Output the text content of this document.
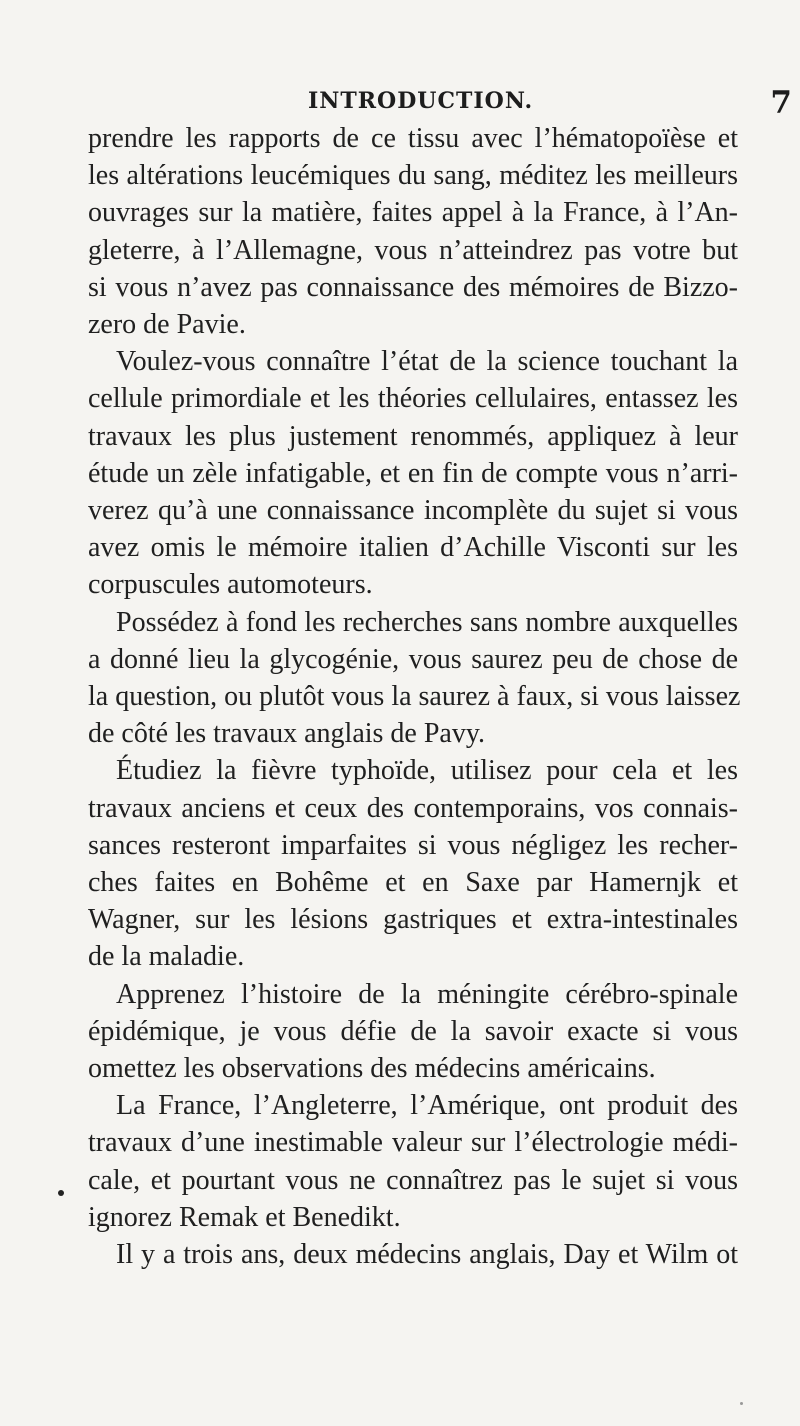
INTRODUCTION.	7
prendre les rapports de ce tissu avec l’hématopoïèse et
les altérations leucémiques du sang, méditez les meilleurs
ouvrages sur la matière, faites appel à la France, à l’An-
gleterre, à l’Allemagne, vous n’atteindrez pas votre but
si vous n’avez pas connaissance des mémoires de Bizzo-
zero de Pavie.
Voulez-vous connaître l’état de la science touchant la
cellule primordiale et les théories cellulaires, entassez les
travaux les plus justement renommés, appliquez à leur
étude un zèle infatigable, et en fin de compte vous n’arri-
verez qu’à une connaissance incomplète du sujet si vous
avez omis le mémoire italien d’Achille Visconti sur les
corpuscules automoteurs.
Possédez à fond les recherches sans nombre auxquelles
a donné lieu la glycogénie, vous saurez peu de chose de
la question, ou plutôt vous la saurez à faux, si vous laissez
de côté les travaux anglais de Pavy.
Étudiez la fièvre typhoïde, utilisez pour cela et les
travaux anciens et ceux des contemporains, vos connais-
sances resteront imparfaites si vous négligez les recher-
ches faites en Bohême et en Saxe par Hamernjk et
Wagner, sur les lésions gastriques et extra-intestinales
de la maladie.
Apprenez l’histoire de la méningite cérébro-spinale
épidémique, je vous défie de la savoir exacte si vous
omettez les observations des médecins américains.
La France, l’Angleterre, l’Amérique, ont produit des
travaux d’une inestimable valeur sur l’électrologie médi-
cale, et pourtant vous ne connaîtrez pas le sujet si vous
ignorez Remak et Benedikt.
Il y a trois ans, deux médecins anglais, Day et Wilm ot
